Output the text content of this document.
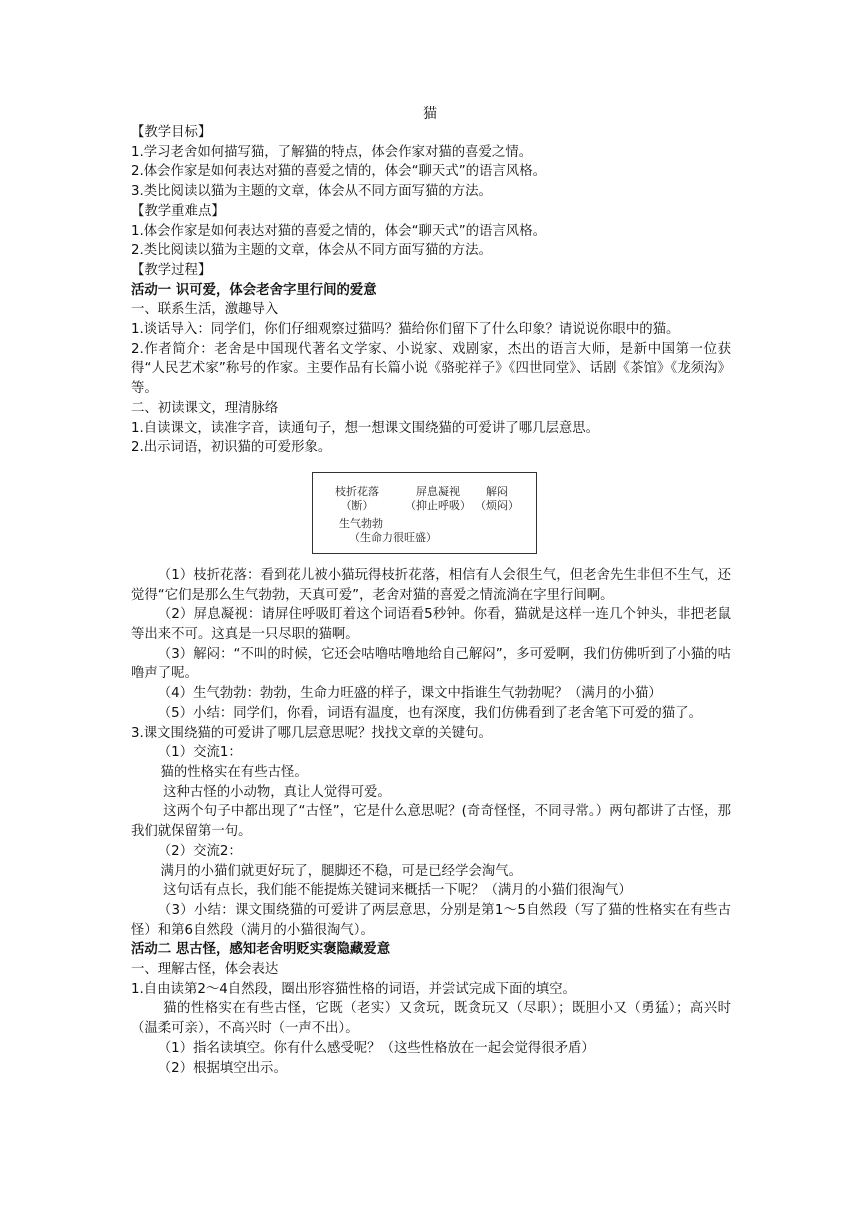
猫

【教学目标】

1.学习老舍如何描写猫，了解猫的特点，体会作家对猫的喜爱之情。

2.体会作家是如何表达对猫的喜爱之情的，体会“聊天式”的语言风格。

3.类比阅读以猫为主题的文章，体会从不同方面写猫的方法。

【教学重难点】

1.体会作家是如何表达对猫的喜爱之情的，体会“聊天式”的语言风格。

2.类比阅读以猫为主题的文章，体会从不同方面写猫的方法。

【教学过程】

活动一 识可爱，体会老舍字里行间的爱意

一、联系生活，激趣导入

1.谈话导入：同学们，你们仔细观察过猫吗？猫给你们留下了什么印象？请说说你眼中的猫。

2.作者简介：老舍是中国现代著名文学家、小说家、戏剧家，杰出的语言大师，是新中国第一位获得“人民艺术家”称号的作家。主要作品有长篇小说《骆驼祥子》《四世同堂》、话剧《茶馆》《龙须沟》等。

二、初读课文，理清脉络

1.自读课文，读准字音，读通句子，想一想课文围绕猫的可爱讲了哪几层意思。

2.出示词语，初识猫的可爱形象。

枝折花落
（断）
屏息凝视
（抑止呼吸）
解闷
（烦闷）
生气勃勃
（生命力很旺盛）

（1）枝折花落：看到花儿被小猫玩得枝折花落，相信有人会很生气，但老舍先生非但不生气，还觉得“它们是那么生气勃勃，天真可爱”，老舍对猫的喜爱之情流淌在字里行间啊。

（2）屏息凝视：请屏住呼吸盯着这个词语看5秒钟。你看，猫就是这样一连几个钟头，非把老鼠等出来不可。这真是一只尽职的猫啊。

（3）解闷：“不叫的时候，它还会咕噜咕噜地给自己解闷”，多可爱啊，我们仿佛听到了小猫的咕噜声了呢。

（4）生气勃勃：勃勃，生命力旺盛的样子，课文中指谁生气勃勃呢？（满月的小猫）

（5）小结：同学们，你看，词语有温度，也有深度，我们仿佛看到了老舍笔下可爱的猫了。

3.课文围绕猫的可爱讲了哪几层意思呢？找找文章的关键句。

（1）交流1：

猫的性格实在有些古怪。

这种古怪的小动物，真让人觉得可爱。

这两个句子中都出现了“古怪”，它是什么意思呢？(奇奇怪怪，不同寻常。）两句都讲了古怪，那我们就保留第一句。

（2）交流2：

满月的小猫们就更好玩了，腿脚还不稳，可是已经学会淘气。

这句话有点长，我们能不能提炼关键词来概括一下呢？（满月的小猫们很淘气）

（3）小结：课文围绕猫的可爱讲了两层意思，分别是第1～5自然段（写了猫的性格实在有些古怪）和第6自然段（满月的小猫很淘气）。

活动二 思古怪，感知老舍明贬实褒隐藏爱意

一、理解古怪，体会表达

1.自由读第2～4自然段，圈出形容猫性格的词语，并尝试完成下面的填空。

猫的性格实在有些古怪，它既（老实）又贪玩，既贪玩又（尽职）；既胆小又（勇猛）；高兴时（温柔可亲），不高兴时（一声不出）。

（1）指名读填空。你有什么感受呢？（这些性格放在一起会觉得很矛盾）

（2）根据填空出示。
